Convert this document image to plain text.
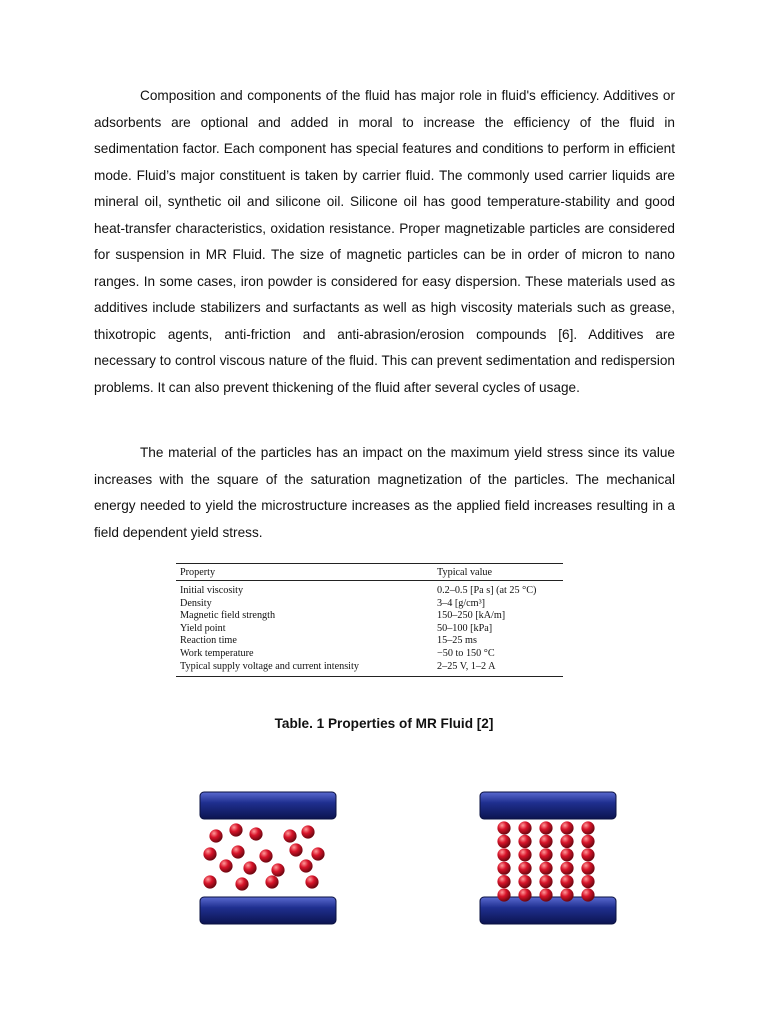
Composition and components of the fluid has major role in fluid's efficiency. Additives or adsorbents are optional and added in moral to increase the efficiency of the fluid in sedimentation factor. Each component has special features and conditions to perform in efficient mode. Fluid’s major constituent is taken by carrier fluid. The commonly used carrier liquids are mineral oil, synthetic oil and silicone oil. Silicone oil has good temperature-stability and good heat-transfer characteristics, oxidation resistance. Proper magnetizable particles are considered for suspension in MR Fluid. The size of magnetic particles can be in order of micron to nano ranges. In some cases, iron powder is considered for easy dispersion. These materials used as additives include stabilizers and surfactants as well as high viscosity materials such as grease, thixotropic agents, anti-friction and anti-abrasion/erosion compounds [6]. Additives are necessary to control viscous nature of the fluid. This can prevent sedimentation and redispersion problems. It can also prevent thickening of the fluid after several cycles of usage.

The material of the particles has an impact on the maximum yield stress since its value increases with the square of the saturation magnetization of the particles. The mechanical energy needed to yield the microstructure increases as the applied field increases resulting in a field dependent yield stress.

Property	Typical value
Initial viscosity	0.2–0.5 [Pa s] (at 25 °C)
Density	3–4 [g/cm³]
Magnetic field strength	150–250 [kA/m]
Yield point	50–100 [kPa]
Reaction time	15–25 ms
Work temperature	−50 to 150 °C
Typical supply voltage and current intensity	2–25 V, 1–2 A
Table. 1 Properties of MR Fluid [2]
